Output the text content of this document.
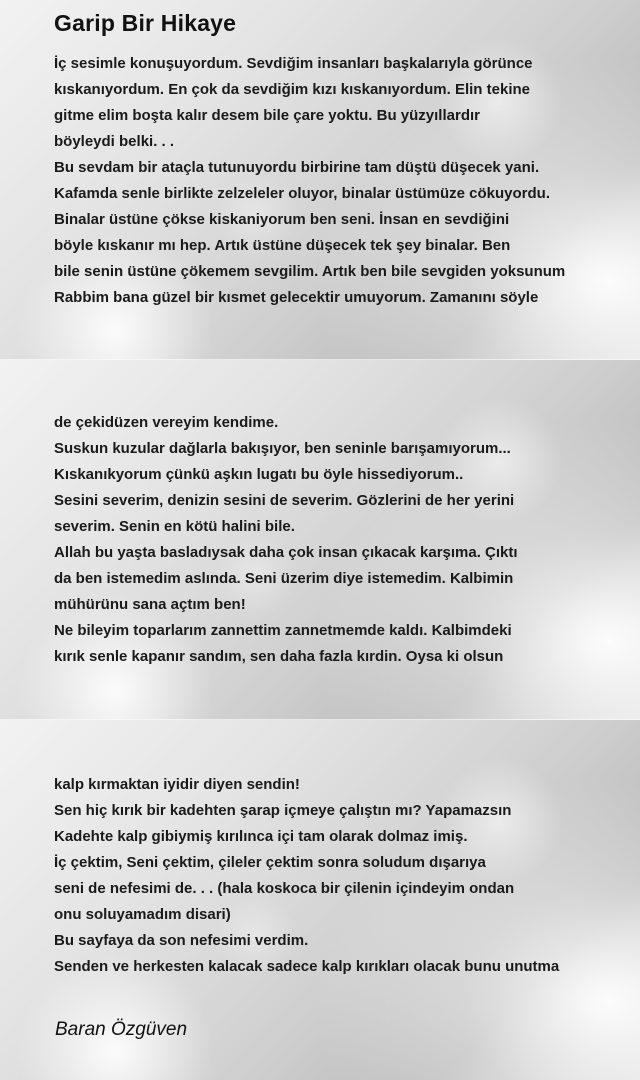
Garip Bir Hikaye
İç sesimle konuşuyordum. Sevdiğim insanları başkalarıyla görünce
kıskanıyordum. En çok da sevdiğim kızı kıskanıyordum. Elin tekine
gitme elim boşta kalır desem bile çare yoktu. Bu yüzyıllardır
böyleydi belki. . .
Bu sevdam bir ataçla tutunuyordu birbirine tam düştü düşecek yani.
Kafamda senle birlikte zelzeleler oluyor, binalar üstümüze cökuyordu.
Binalar üstüne çökse kiskaniyorum ben seni. İnsan en sevdiğini
böyle kıskanır mı hep. Artık üstüne düşecek tek şey binalar. Ben
bile senin üstüne çökemem sevgilim. Artık ben bile sevgiden yoksunum
Rabbim bana güzel bir kısmet gelecektir umuyorum. Zamanını söyle
de çekidüzen vereyim kendime.
Suskun kuzular dağlarla bakışıyor, ben seninle barışamıyorum...
Kıskanıkyorum çünkü aşkın lugatı bu öyle hissediyorum..
Sesini severim, denizin sesini de severim. Gözlerini de her yerini
severim. Senin en kötü halini bile.
Allah bu yaşta basladıysak daha çok insan çıkacak karşıma. Çıktı
da ben istemedim aslında. Seni üzerim diye istemedim. Kalbimin
mühürünu sana açtım ben!
Ne bileyim toparlarım zannettim zannetmemde kaldı. Kalbimdeki
kırık senle kapanır sandım, sen daha fazla kırdin. Oysa ki olsun
kalp kırmaktan iyidir diyen sendin!
Sen hiç kırık bir kadehten şarap içmeye çalıştın mı? Yapamazsın
Kadehte kalp gibiymiş kırılınca içi tam olarak dolmaz imiş.
İç çektim, Seni çektim, çileler çektim sonra soludum dışarıya
seni de nefesimi de. . . (hala koskoca bir çilenin içindeyim ondan
onu soluyamadım disari)
Bu sayfaya da son nefesimi verdim.
Senden ve herkesten kalacak sadece kalp kırıkları olacak bunu unutma
Baran Özgüven
